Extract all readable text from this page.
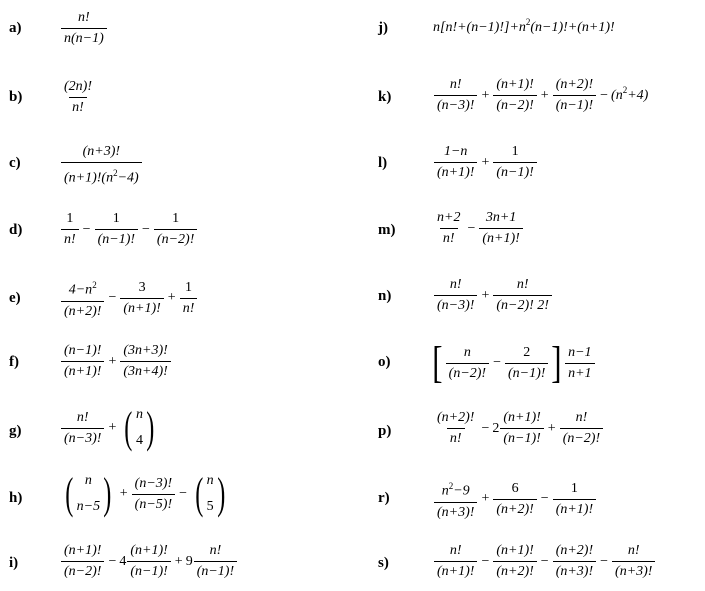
a)
b)
c)
d)
e)
f)
g)
h)
i)
j)
k)
l)
m)
n)
o)
p)
r)
s)
$\frac{n!}{n(n-1)}$
$\frac{(2n)!}{n!}$
$\frac{(n+3)!}{(n+1)!(n^2-4)}$
$\frac{1}{n!} - \frac{1}{(n-1)!} - \frac{1}{(n-2)!}$
$\frac{4-n^2}{(n+2)!} - \frac{3}{(n+1)!} + \frac{1}{n!}$
$\frac{(n-1)!}{(n+1)!} + \frac{(3n+3)!}{(3n+4)!}$
$\frac{n!}{(n-3)!}$ + ( n
4 )
( n
n−5 ) + $\frac{(n-3)!}{(n-5)!}$ − ( n
5 )
$\frac{(n+1)!}{(n-2)!} - 4 \frac{(n+1)!}{(n-1)!} + 9 \frac{n!}{(n-1)!}$
$n[n!+(n-1)!]+n^2$ (n−1)!+(n+1)!
$\frac{n!}{(n-3)!} + \frac{(n+1)!}{(n-2)!} + \frac{(n+2)!}{(n-1)!} - (n^2 +4)$
$\frac{1-n}{(n+1)!} + \frac{1}{(n-1)!}$
$\frac{n+2}{n!} - \frac{3n+1}{(n+1)!}$
$\frac{n!}{(n-3)!} + \frac{n!}{(n-2)! 2!}$
[ $\frac{n}{(n-2)!} - \frac{2}{(n-1)!}$ ] $\frac{n-1}{n+1}$
$\frac{(n+2)!}{n!} - 2 \frac{(n+1)!}{(n-1)!} + \frac{n!}{(n-2)!}$
$\frac{n^2-9}{(n+3)!} + \frac{6}{(n+2)!} - \frac{1}{(n+1)!}$
$\frac{n!}{(n+1)!} - \frac{(n+1)!}{(n+2)!} - \frac{(n+2)!}{(n+3)!} - \frac{n!}{(n+3)!}$
